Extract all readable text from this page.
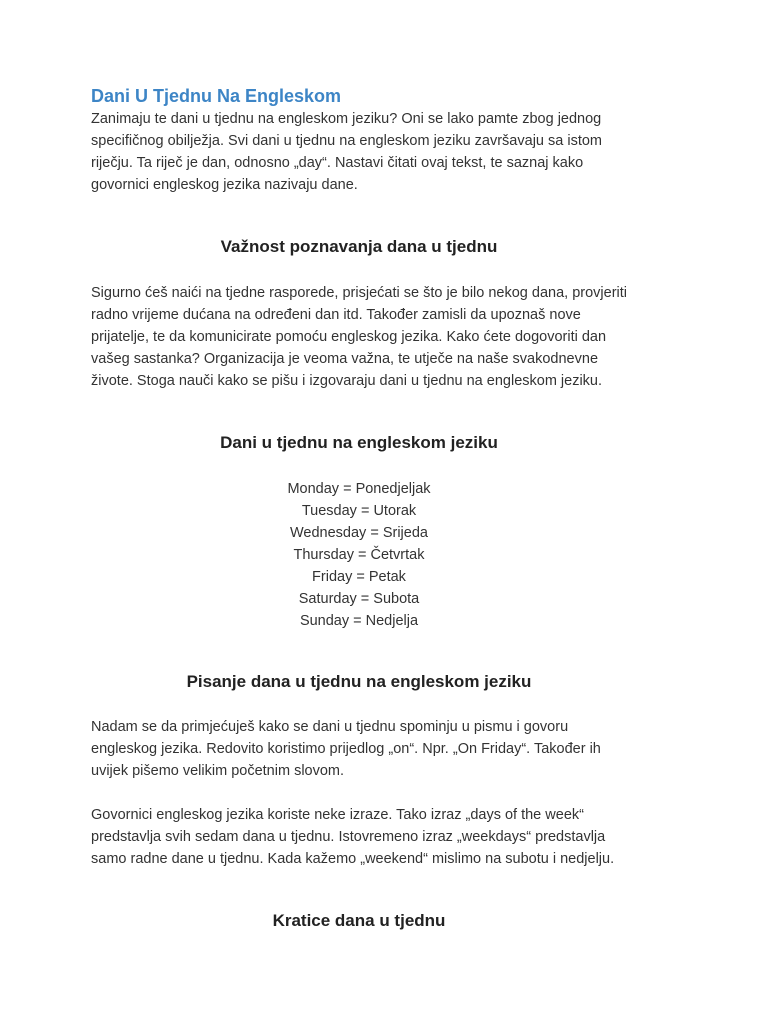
Dani U Tjednu Na Engleskom

Zanimaju te dani u tjednu na engleskom jeziku? Oni se lako pamte zbog jednog
specifičnog obilježja. Svi dani u tjednu na engleskom jeziku završavaju sa istom
riječju. Ta riječ je dan, odnosno „day“. Nastavi čitati ovaj tekst, te saznaj kako
govornici engleskog jezika nazivaju dane.

Važnost poznavanja dana u tjednu

Sigurno ćeš naići na tjedne rasporede, prisjećati se što je bilo nekog dana, provjeriti
radno vrijeme dućana na određeni dan itd. Također zamisli da upoznaš nove
prijatelje, te da komunicirate pomoću engleskog jezika. Kako ćete dogovoriti dan
vašeg sastanka? Organizacija je veoma važna, te utječe na naše svakodnevne
živote. Stoga nauči kako se pišu i izgovaraju dani u tjednu na engleskom jeziku.

Dani u tjednu na engleskom jeziku
Monday = Ponedjeljak
Tuesday = Utorak
Wednesday = Srijeda
Thursday = Četvrtak
Friday = Petak
Saturday = Subota
Sunday = Nedjelja
Pisanje dana u tjednu na engleskom jeziku

Nadam se da primjećuješ kako se dani u tjednu spominju u pismu i govoru
engleskog jezika. Redovito koristimo prijedlog „on“. Npr. „On Friday“. Također ih
uvijek pišemo velikim početnim slovom.

Govornici engleskog jezika koriste neke izraze. Tako izraz „days of the week“
predstavlja svih sedam dana u tjednu. Istovremeno izraz „weekdays“ predstavlja
samo radne dane u tjednu. Kada kažemo „weekend“ mislimo na subotu i nedjelju.

Kratice dana u tjednu
